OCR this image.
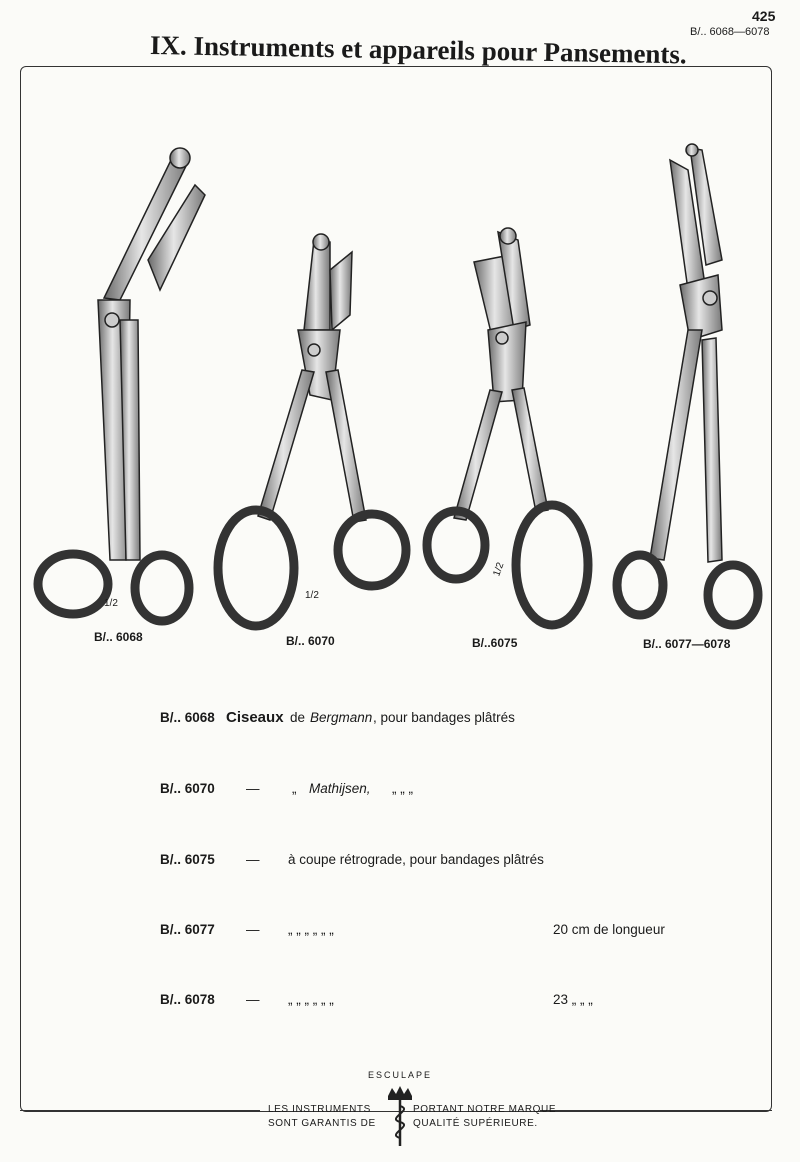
425
B/.. 6068—6078
IX. Instruments et appareils pour Pansements.
1/2
1/2
1/2
B/.. 6068	B/.. 6070	B/..6075	B/.. 6077—6078
B/.. 6068 Ciseaux de Bergmann , pour bandages plâtrés
B/.. 6070 — „ Mathijsen, „ „ „
B/.. 6075 — à coupe rétrograde, pour bandages plâtrés
B/.. 6077 — „ „ „ „ „ „	20 cm de longueur
B/.. 6078 — „ „ „ „ „ „	23 „ „ „
ESCULAPE
LES INSTRUMENTS
SONT GARANTIS DE
PORTANT NOTRE MARQUE
QUALITÉ SUPÉRIEURE.
